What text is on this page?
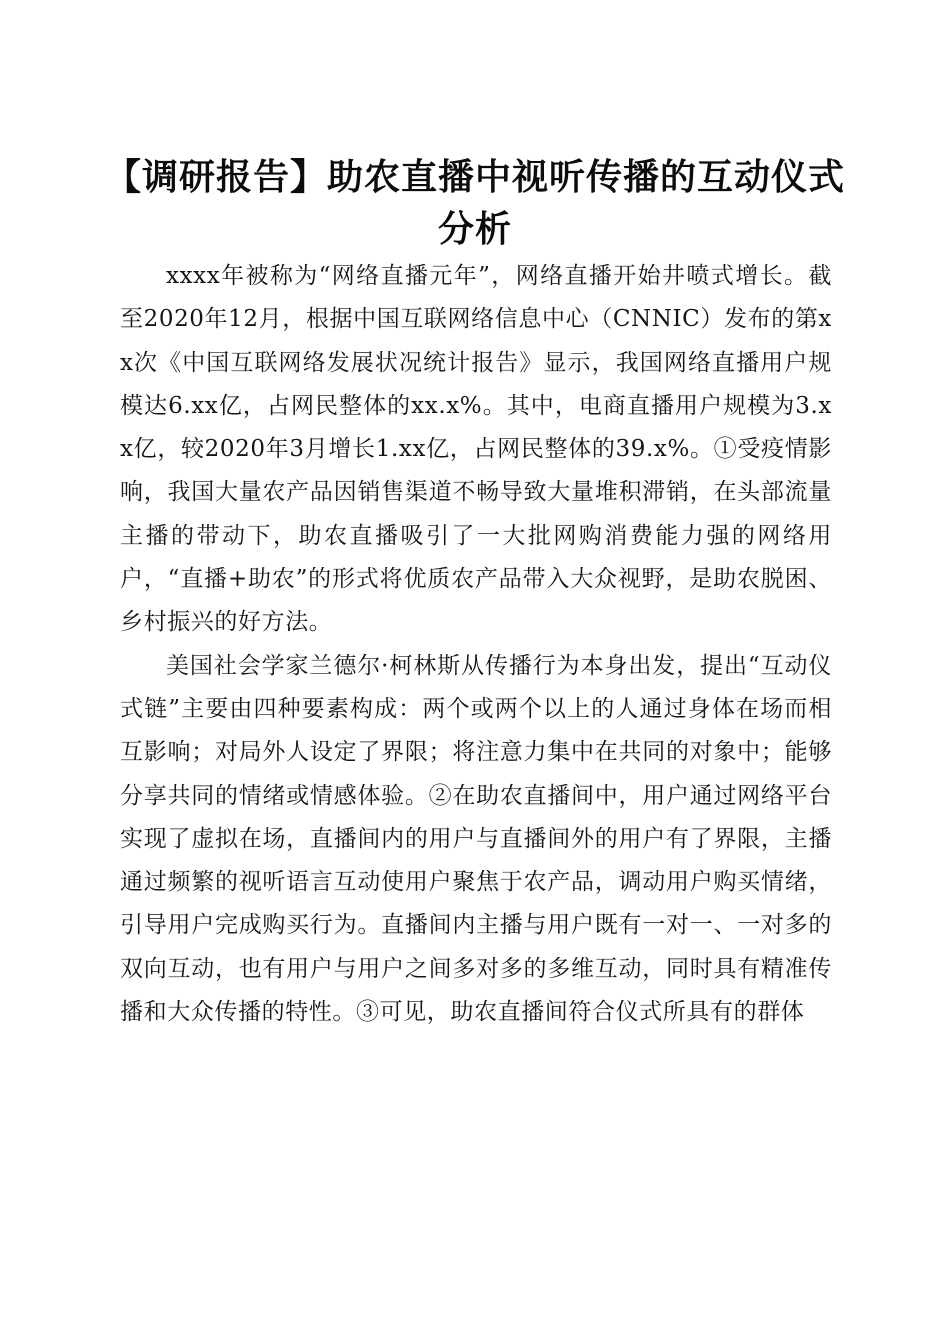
【调研报告】助农直播中视听传播的互动仪式
分析

xxxx年被称为“网络直播元年”，网络直播开始井喷式增长。截至2020年12月，根据中国互联网络信息中心（CNNIC）发布的第xx次《中国互联网络发展状况统计报告》显示，我国网络直播用户规模达6.xx亿，占网民整体的xx.x%。其中，电商直播用户规模为3.xx亿，较2020年3月增长1.xx亿，占网民整体的39.x%。①受疫情影响，我国大量农产品因销售渠道不畅导致大量堆积滞销，在头部流量主播的带动下，助农直播吸引了一大批网购消费能力强的网络用户，“直播+助农”的形式将优质农产品带入大众视野，是助农脱困、乡村振兴的好方法。

美国社会学家兰德尔·柯林斯从传播行为本身出发，提出“互动仪式链”主要由四种要素构成：两个或两个以上的人通过身体在场而相互影响；对局外人设定了界限；将注意力集中在共同的对象中；能够分享共同的情绪或情感体验。②在助农直播间中，用户通过网络平台实现了虚拟在场，直播间内的用户与直播间外的用户有了界限，主播通过频繁的视听语言互动使用户聚焦于农产品，调动用户购买情绪，引导用户完成购买行为。直播间内主播与用户既有一对一、一对多的双向互动，也有用户与用户之间多对多的多维互动，同时具有精准传播和大众传播的特性。③可见，助农直播间符合仪式所具有的群体
